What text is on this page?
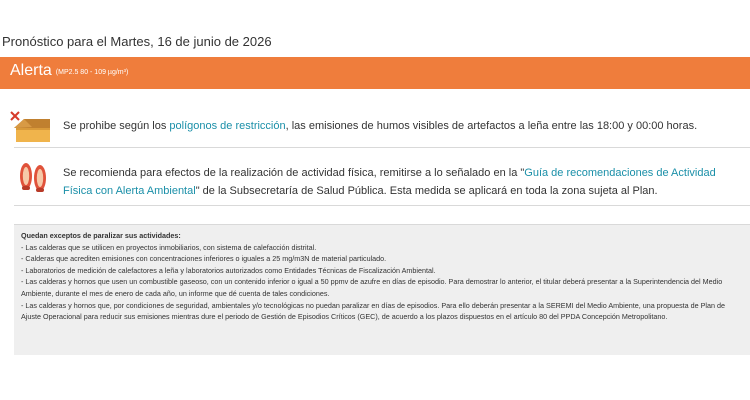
Pronóstico para el Martes, 16 de junio de 2026
Alerta (MP2.5 80 - 109 µg/m³)
Se prohibe según los polígonos de restricción, las emisiones de humos visibles de artefactos a leña entre las 18:00 y 00:00 horas.
Se recomienda para efectos de la realización de actividad física, remitirse a lo señalado en la "Guía de recomendaciones de Actividad Física con Alerta Ambiental" de la Subsecretaría de Salud Pública. Esta medida se aplicará en toda la zona sujeta al Plan.
Quedan exceptos de paralizar sus actividades:
- Las calderas que se utilicen en proyectos inmobiliarios, con sistema de calefacción distrital.
- Calderas que acrediten emisiones con concentraciones inferiores o iguales a 25 mg/m3N de material particulado.
- Laboratorios de medición de calefactores a leña y laboratorios autorizados como Entidades Técnicas de Fiscalización Ambiental.
- Las calderas y hornos que usen un combustible gaseoso, con un contenido inferior o igual a 50 ppmv de azufre en días de episodio. Para demostrar lo anterior, el titular deberá presentar a la Superintendencia del Medio Ambiente, durante el mes de enero de cada año, un informe que dé cuenta de tales condiciones.
- Las calderas y hornos que, por condiciones de seguridad, ambientales y/o tecnológicas no puedan paralizar en días de episodios. Para ello deberán presentar a la SEREMI del Medio Ambiente, una propuesta de Plan de Ajuste Operacional para reducir sus emisiones mientras dure el periodo de Gestión de Episodios Críticos (GEC), de acuerdo a los plazos dispuestos en el artículo 80 del PPDA Concepción Metropolitano.
